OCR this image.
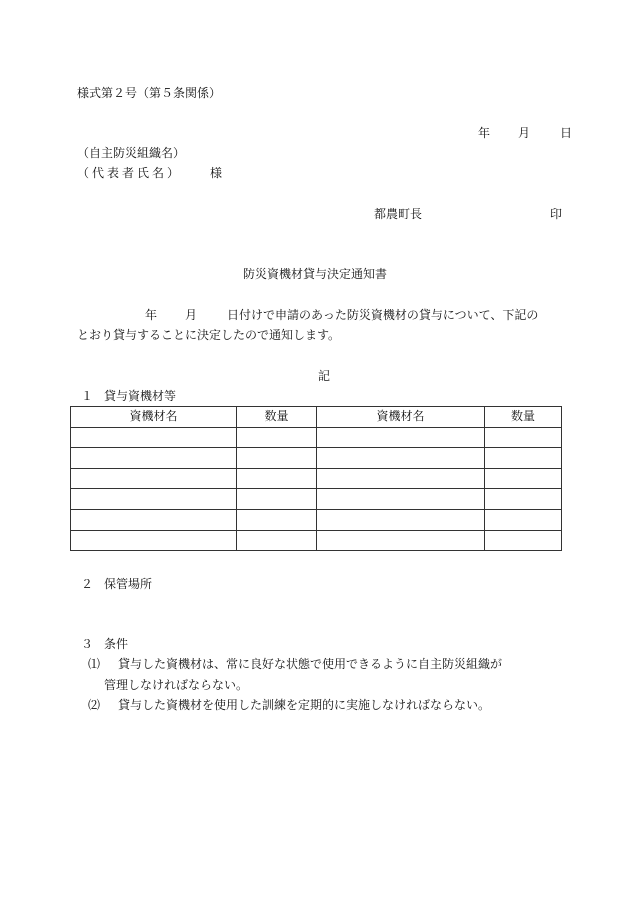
様式第２号（第５条関係）
年 月 日
（自主防災組織名）
（代表者氏名） 様
都農町長	印
防災資機材貸与決定通知書
年 月 日付けで申請のあった防災資機材の貸与について、下記の
とおり貸与することに決定したので通知します。
記
１ 貸与資機材等
資機材名	数量	資機材名	数量

２ 保管場所
３ 条件
⑴ 貸与した資機材は、常に良好な状態で使用できるように自主防災組織が
管理しなければならない。
⑵ 貸与した資機材を使用した訓練を定期的に実施しなければならない。
